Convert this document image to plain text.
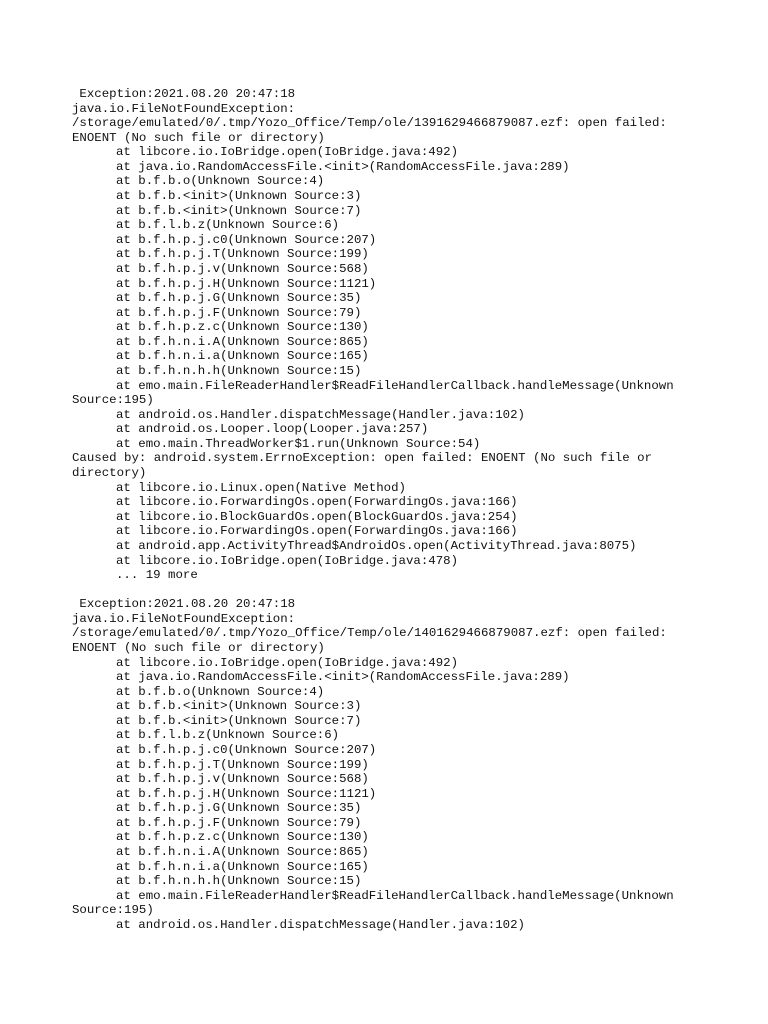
Exception:2021.08.20 20:47:18
java.io.FileNotFoundException:
/storage/emulated/0/.tmp/Yozo_Office/Temp/ole/1391629466879087.ezf: open failed:
ENOENT (No such file or directory)
at libcore.io.IoBridge.open(IoBridge.java:492)
at java.io.RandomAccessFile.<init>(RandomAccessFile.java:289)
at b.f.b.o(Unknown Source:4)
at b.f.b.<init>(Unknown Source:3)
at b.f.b.<init>(Unknown Source:7)
at b.f.l.b.z(Unknown Source:6)
at b.f.h.p.j.c0(Unknown Source:207)
at b.f.h.p.j.T(Unknown Source:199)
at b.f.h.p.j.v(Unknown Source:568)
at b.f.h.p.j.H(Unknown Source:1121)
at b.f.h.p.j.G(Unknown Source:35)
at b.f.h.p.j.F(Unknown Source:79)
at b.f.h.p.z.c(Unknown Source:130)
at b.f.h.n.i.A(Unknown Source:865)
at b.f.h.n.i.a(Unknown Source:165)
at b.f.h.n.h.h(Unknown Source:15)
at emo.main.FileReaderHandler$ReadFileHandlerCallback.handleMessage(Unknown
Source:195)
at android.os.Handler.dispatchMessage(Handler.java:102)
at android.os.Looper.loop(Looper.java:257)
at emo.main.ThreadWorker$1.run(Unknown Source:54)
Caused by: android.system.ErrnoException: open failed: ENOENT (No such file or
directory)
at libcore.io.Linux.open(Native Method)
at libcore.io.ForwardingOs.open(ForwardingOs.java:166)
at libcore.io.BlockGuardOs.open(BlockGuardOs.java:254)
at libcore.io.ForwardingOs.open(ForwardingOs.java:166)
at android.app.ActivityThread$AndroidOs.open(ActivityThread.java:8075)
at libcore.io.IoBridge.open(IoBridge.java:478)
... 19 more
Exception:2021.08.20 20:47:18
java.io.FileNotFoundException:
/storage/emulated/0/.tmp/Yozo_Office/Temp/ole/1401629466879087.ezf: open failed:
ENOENT (No such file or directory)
at libcore.io.IoBridge.open(IoBridge.java:492)
at java.io.RandomAccessFile.<init>(RandomAccessFile.java:289)
at b.f.b.o(Unknown Source:4)
at b.f.b.<init>(Unknown Source:3)
at b.f.b.<init>(Unknown Source:7)
at b.f.l.b.z(Unknown Source:6)
at b.f.h.p.j.c0(Unknown Source:207)
at b.f.h.p.j.T(Unknown Source:199)
at b.f.h.p.j.v(Unknown Source:568)
at b.f.h.p.j.H(Unknown Source:1121)
at b.f.h.p.j.G(Unknown Source:35)
at b.f.h.p.j.F(Unknown Source:79)
at b.f.h.p.z.c(Unknown Source:130)
at b.f.h.n.i.A(Unknown Source:865)
at b.f.h.n.i.a(Unknown Source:165)
at b.f.h.n.h.h(Unknown Source:15)
at emo.main.FileReaderHandler$ReadFileHandlerCallback.handleMessage(Unknown
Source:195)
at android.os.Handler.dispatchMessage(Handler.java:102)
